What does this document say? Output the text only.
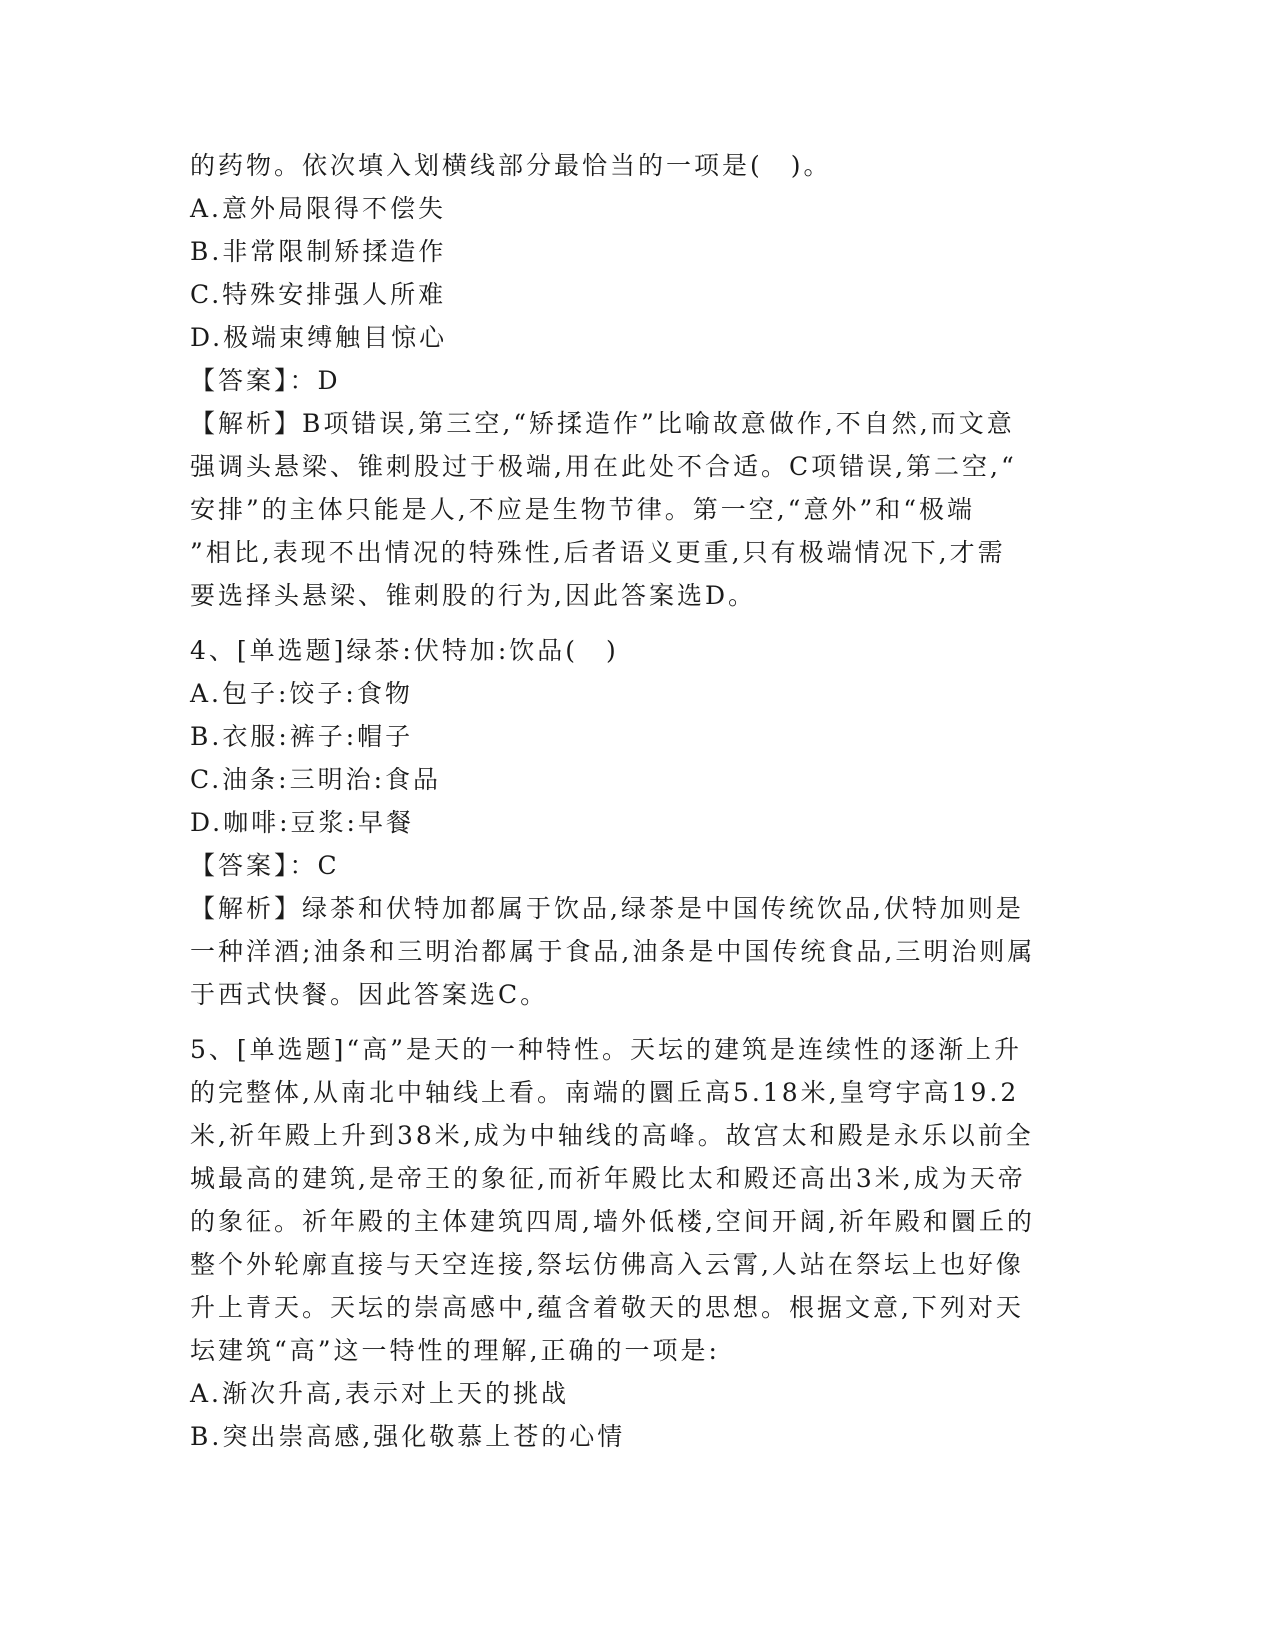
的药物。依次填入划横线部分最恰当的一项是(　)。
A.意外局限得不偿失
B.非常限制矫揉造作
C.特殊安排强人所难
D.极端束缚触目惊心
【答案】：D
【解析】B项错误,第三空,“矫揉造作”比喻故意做作,不自然,而文意
强调头悬梁、锥刺股过于极端,用在此处不合适。C项错误,第二空,“
安排”的主体只能是人,不应是生物节律。第一空,“意外”和“极端
”相比,表现不出情况的特殊性,后者语义更重,只有极端情况下,才需
要选择头悬梁、锥刺股的行为,因此答案选D。
4、[单选题]绿茶:伏特加:饮品(　)
A.包子:饺子:食物
B.衣服:裤子:帽子
C.油条:三明治:食品
D.咖啡:豆浆:早餐
【答案】：C
【解析】绿茶和伏特加都属于饮品,绿茶是中国传统饮品,伏特加则是
一种洋酒;油条和三明治都属于食品,油条是中国传统食品,三明治则属
于西式快餐。因此答案选C。
5、[单选题]“高”是天的一种特性。天坛的建筑是连续性的逐渐上升
的完整体,从南北中轴线上看。南端的圜丘高5.18米,皇穹宇高19.2
米,祈年殿上升到38米,成为中轴线的高峰。故宫太和殿是永乐以前全
城最高的建筑,是帝王的象征,而祈年殿比太和殿还高出3米,成为天帝
的象征。祈年殿的主体建筑四周,墙外低楼,空间开阔,祈年殿和圜丘的
整个外轮廓直接与天空连接,祭坛仿佛高入云霄,人站在祭坛上也好像
升上青天。天坛的崇高感中,蕴含着敬天的思想。根据文意,下列对天
坛建筑“高”这一特性的理解,正确的一项是:
A.渐次升高,表示对上天的挑战
B.突出崇高感,强化敬慕上苍的心情
